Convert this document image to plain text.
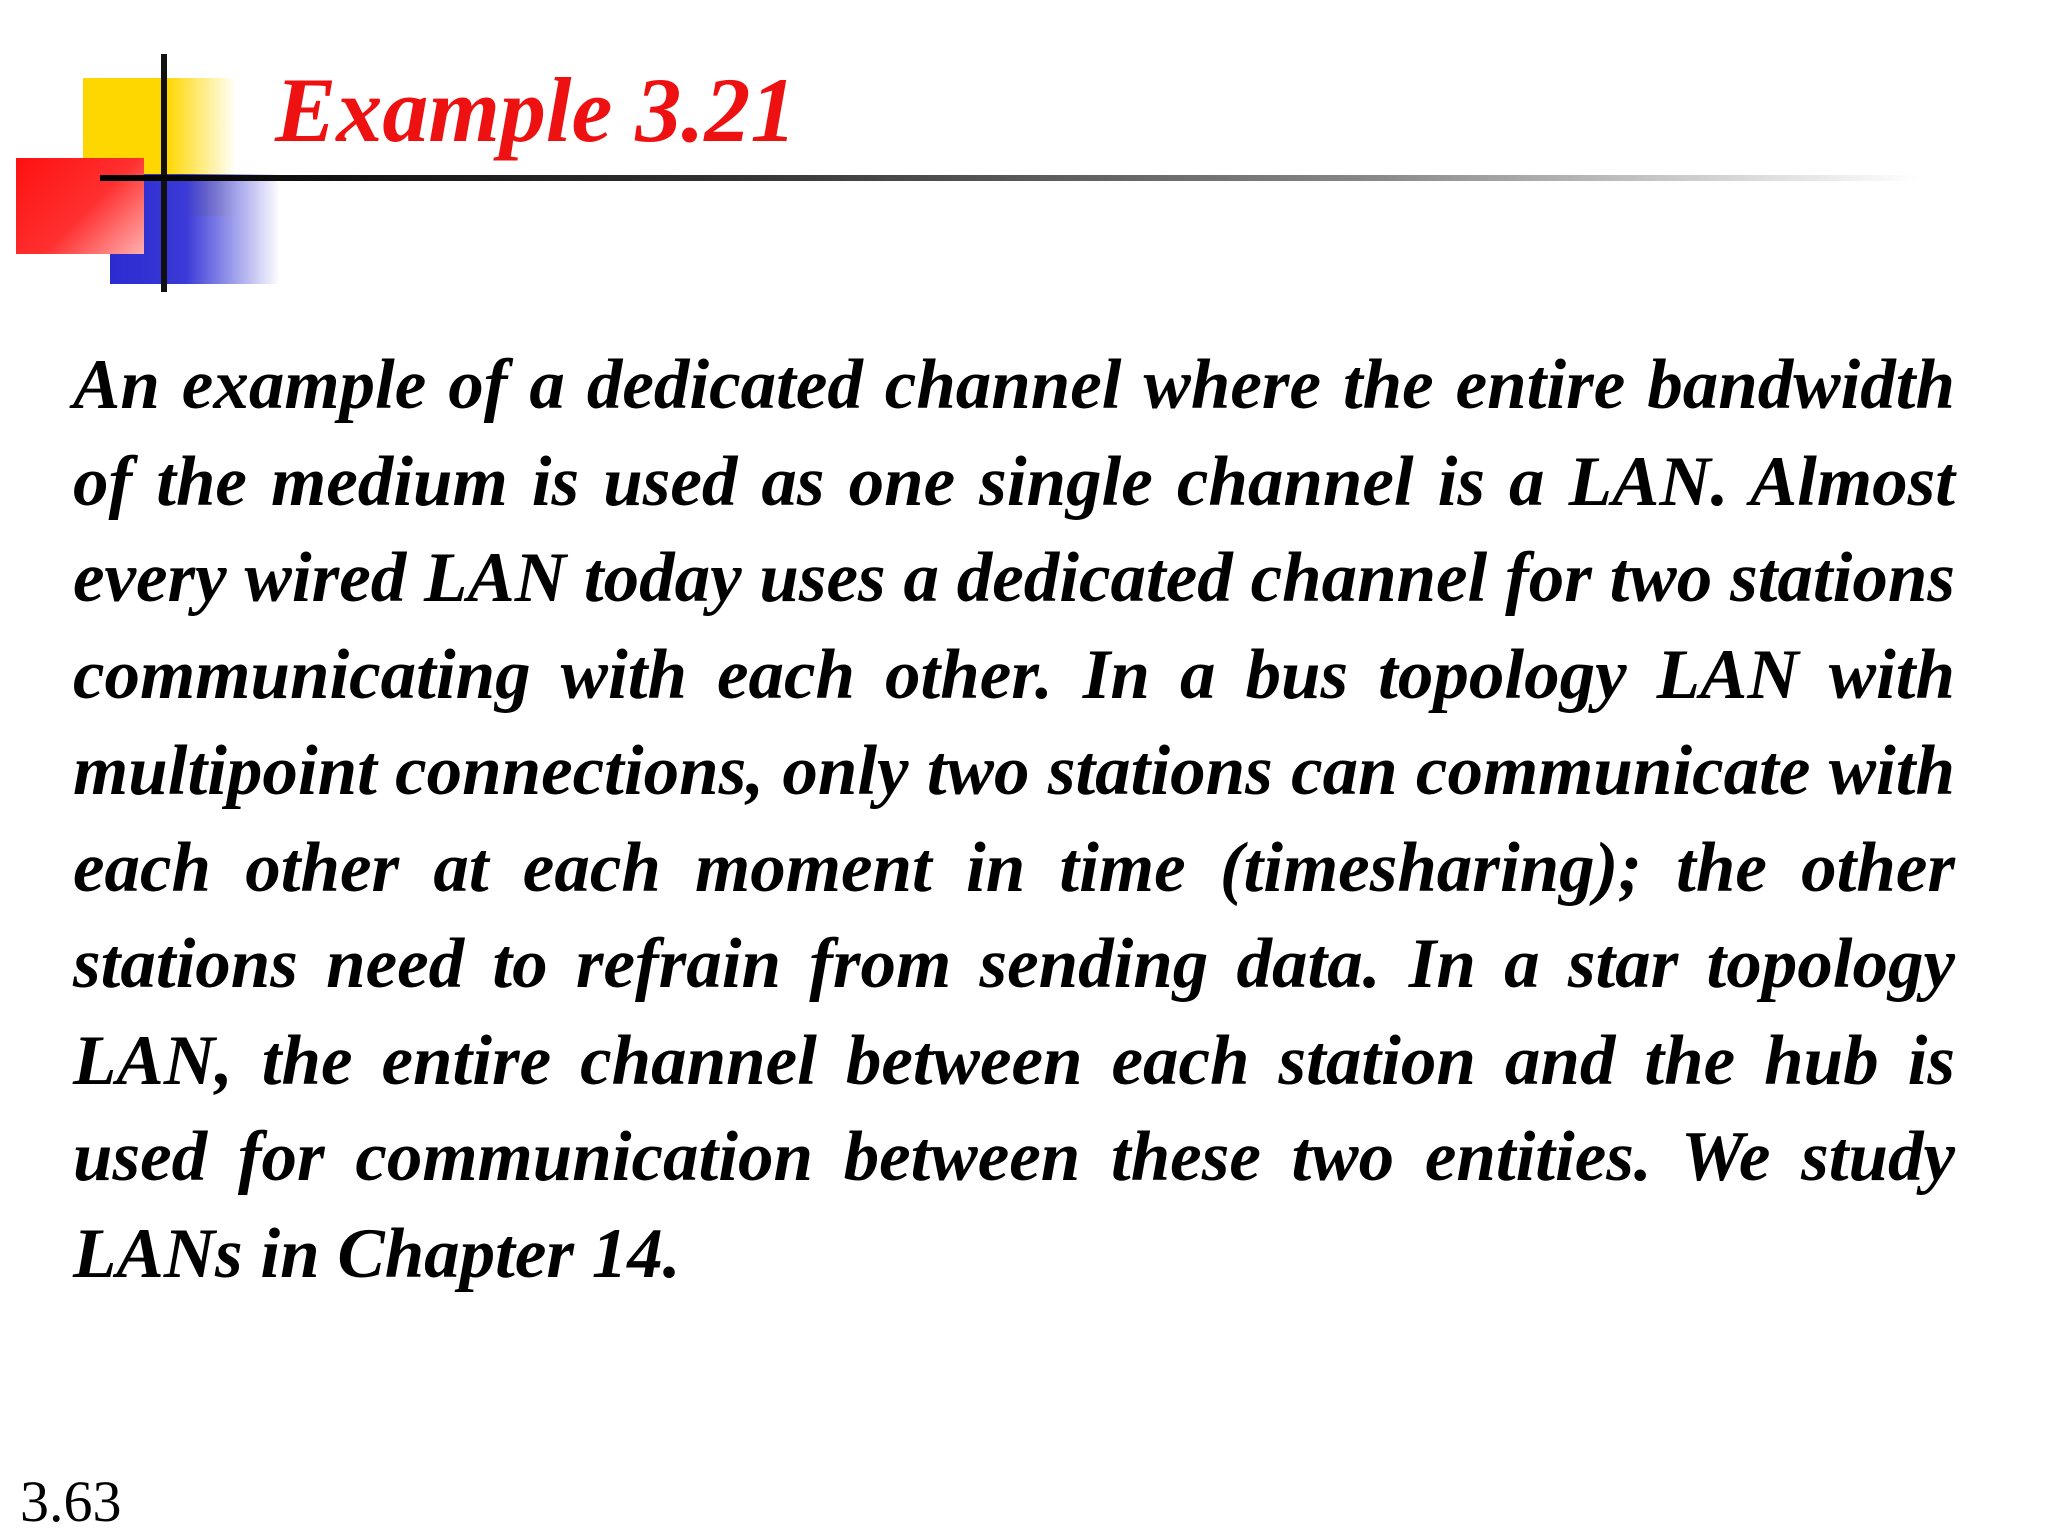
Example 3.21

An example of a dedicated channel where the entire bandwidth of the medium is used as one single channel is a LAN. Almost every wired LAN today uses a dedicated channel for two stations communicating with each other. In a bus topology LAN with multipoint connections, only two stations can communicate with each other at each moment in time (timesharing); the other stations need to refrain from sending data. In a star topology LAN, the entire channel between each station and the hub is used for communication between these two entities. We study LANs in Chapter 14.

3.63
